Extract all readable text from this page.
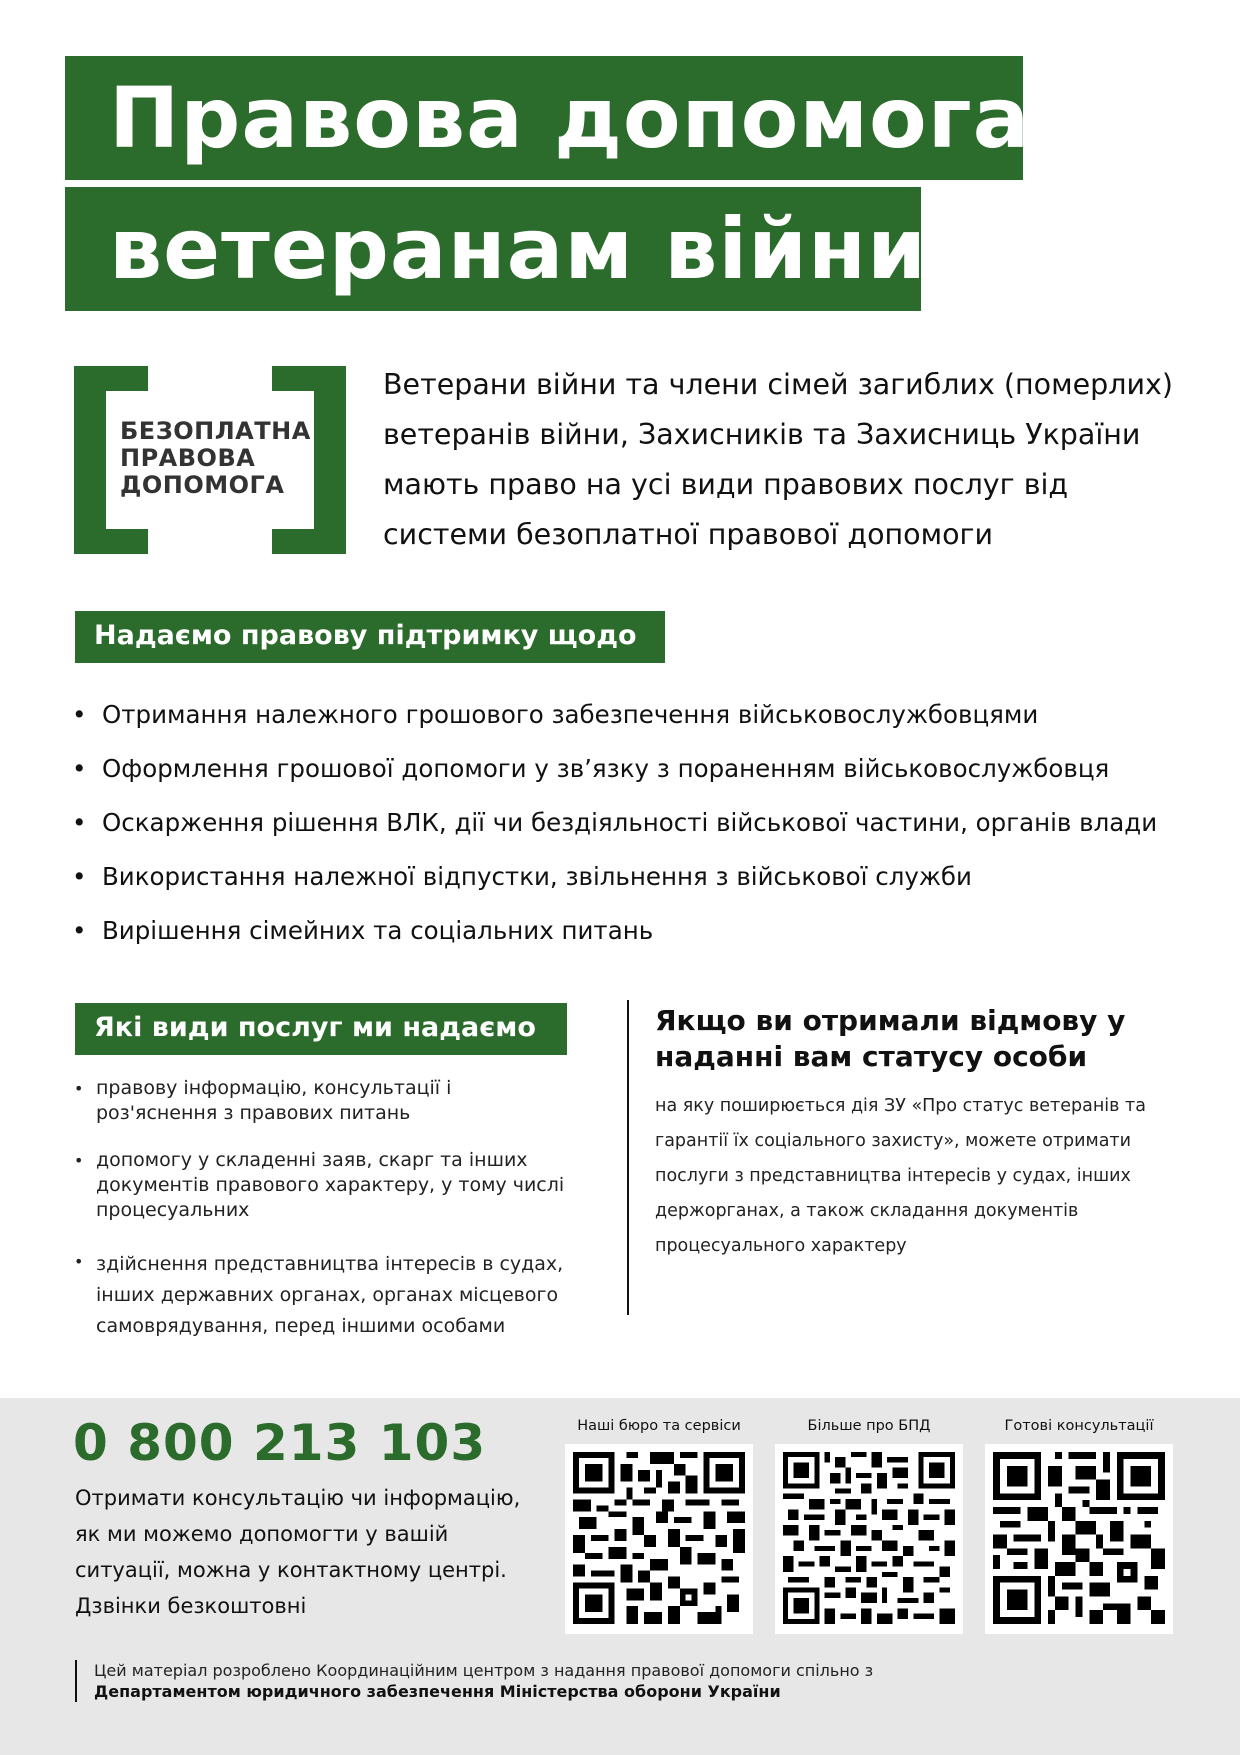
Правова допомога
ветеранам війни
БЕЗОПЛАТНА
ПРАВОВА
ДОПОМОГА

Ветерани війни та члени сімей загиблих (померлих) ветеранів війни, Захисників та Захисниць України мають право на усі види правових послуг від системи безоплатної правової допомоги

Надаємо правову підтримку щодо
• Отримання належного грошового забезпечення військовослужбовцями
• Оформлення грошової допомоги у зв’язку з пораненням військовослужбовця
• Оскарження рішення ВЛК, дії чи бездіяльності військової частини, органів влади
• Використання належної відпустки, звільнення з військової служби
• Вирішення сімейних та соціальних питань
Які види послуг ми надаємо
• правову інформацію, консультації і роз'яснення з правових питань
• допомогу у складенні заяв, скарг та інших документів правового характеру, у тому числі процесуальних
• здійснення представництва інтересів в судах, інших державних органах, органах місцевого самоврядування, перед іншими особами
Якщо ви отримали відмову у наданні вам статусу особи

на яку поширюється дія ЗУ «Про статус ветеранів та гарантії їх соціального захисту», можете отримати послуги з представництва інтересів у судах, інших держорганах, а також складання документів процесуального характеру

0 800 213 103

Отримати консультацію чи інформацію, як ми можемо допомогти у вашій ситуації, можна у контактному центрі. Дзвінки безкоштовні

Наші бюро та сервіси	Більше про БПД	Готові консультації
Цей матеріал розроблено Координаційним центром з надання правової допомоги спільно з
Департаментом юридичного забезпечення Міністерства оборони України
